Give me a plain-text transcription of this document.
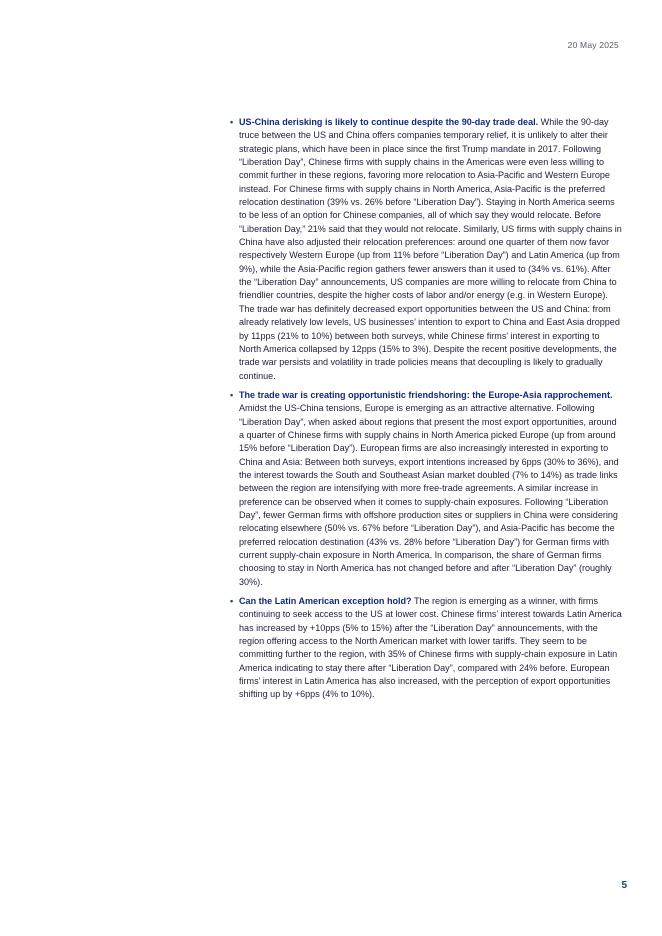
20 May 2025
• US-China derisking is likely to continue despite the 90-day trade deal. While the 90-day truce between the US and China offers companies temporary relief, it is unlikely to alter their strategic plans, which have been in place since the first Trump mandate in 2017. Following “Liberation Day”, Chinese firms with supply chains in the Americas were even less willing to commit further in these regions, favoring more relocation to Asia-Pacific and Western Europe instead. For Chinese firms with supply chains in North America, Asia-Pacific is the preferred relocation destination (39% vs. 26% before “Liberation Day”). Staying in North America seems to be less of an option for Chinese companies, all of which say they would relocate. Before “Liberation Day,” 21% said that they would not relocate. Similarly, US firms with supply chains in China have also adjusted their relocation preferences: around one quarter of them now favor respectively Western Europe (up from 11% before “Liberation Day”) and Latin America (up from 9%), while the Asia-Pacific region gathers fewer answers than it used to (34% vs. 61%). After the “Liberation Day” announcements, US companies are more willing to relocate from China to friendlier countries, despite the higher costs of labor and/or energy (e.g. in Western Europe). The trade war has definitely decreased export opportunities between the US and China: from already relatively low levels, US businesses’ intention to export to China and East Asia dropped by 11pps (21% to 10%) between both surveys, while Chinese firms’ interest in exporting to North America collapsed by 12pps (15% to 3%). Despite the recent positive developments, the trade war persists and volatility in trade policies means that decoupling is likely to gradually continue.
• The trade war is creating opportunistic friendshoring: the Europe-Asia rapprochement. Amidst the US-China tensions, Europe is emerging as an attractive alternative. Following “Liberation Day”, when asked about regions that present the most export opportunities, around a quarter of Chinese firms with supply chains in North America picked Europe (up from around 15% before “Liberation Day”). European firms are also increasingly interested in exporting to China and Asia: Between both surveys, export intentions increased by 6pps (30% to 36%), and the interest towards the South and Southeast Asian market doubled (7% to 14%) as trade links between the region are intensifying with more free-trade agreements. A similar increase in preference can be observed when it comes to supply-chain exposures. Following “Liberation Day”, fewer German firms with offshore production sites or suppliers in China were considering relocating elsewhere (50% vs. 67% before “Liberation Day”), and Asia-Pacific has become the preferred relocation destination (43% vs. 28% before “Liberation Day”) for German firms with current supply-chain exposure in North America. In comparison, the share of German firms choosing to stay in North America has not changed before and after “Liberation Day” (roughly 30%).
• Can the Latin American exception hold? The region is emerging as a winner, with firms continuing to seek access to the US at lower cost. Chinese firms’ interest towards Latin America has increased by +10pps (5% to 15%) after the “Liberation Day” announcements, with the region offering access to the North American market with lower tariffs. They seem to be committing further to the region, with 35% of Chinese firms with supply-chain exposure in Latin America indicating to stay there after “Liberation Day”, compared with 24% before. European firms’ interest in Latin America has also increased, with the perception of export opportunities shifting up by +6pps (4% to 10%).
5
